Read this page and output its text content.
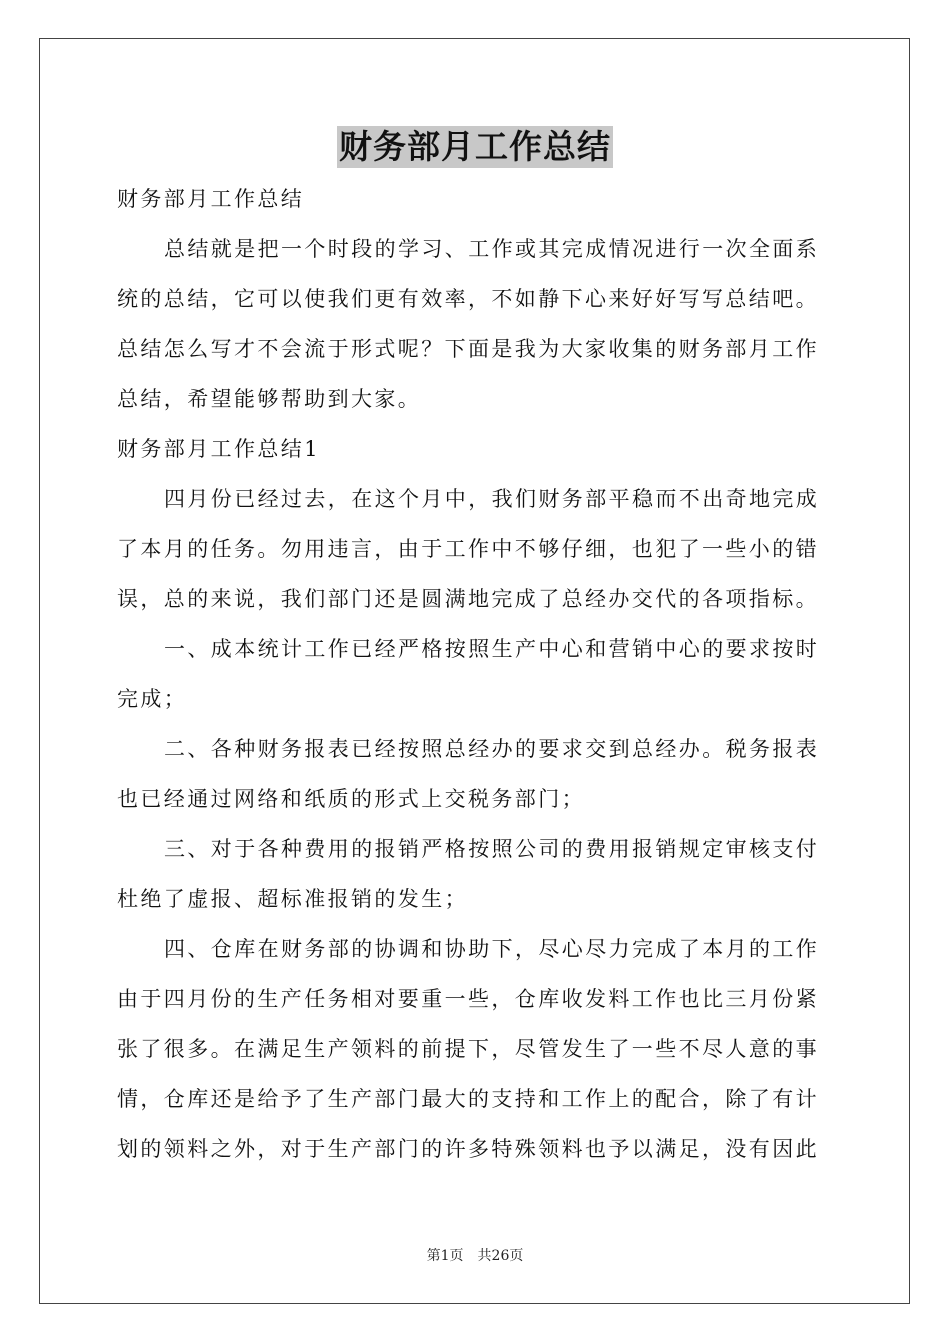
财务部月工作总结
财务部月工作总结
总结就是把一个时段的学习、工作或其完成情况进行一次全面系
统的总结，它可以使我们更有效率，不如静下心来好好写写总结吧。
总结怎么写才不会流于形式呢？下面是我为大家收集的财务部月工作
总结，希望能够帮助到大家。
财务部月工作总结1
四月份已经过去，在这个月中，我们财务部平稳而不出奇地完成
了本月的任务。勿用违言，由于工作中不够仔细，也犯了一些小的错
误，总的来说，我们部门还是圆满地完成了总经办交代的各项指标。
一、成本统计工作已经严格按照生产中心和营销中心的要求按时
完成；
二、各种财务报表已经按照总经办的要求交到总经办。税务报表
也已经通过网络和纸质的形式上交税务部门；
三、对于各种费用的报销严格按照公司的费用报销规定审核支付
杜绝了虚报、超标准报销的发生；
四、仓库在财务部的协调和协助下，尽心尽力完成了本月的工作
由于四月份的生产任务相对要重一些，仓库收发料工作也比三月份紧
张了很多。在满足生产领料的前提下，尽管发生了一些不尽人意的事
情，仓库还是给予了生产部门最大的支持和工作上的配合，除了有计
划的领料之外，对于生产部门的许多特殊领料也予以满足，没有因此
第1页 共26页
